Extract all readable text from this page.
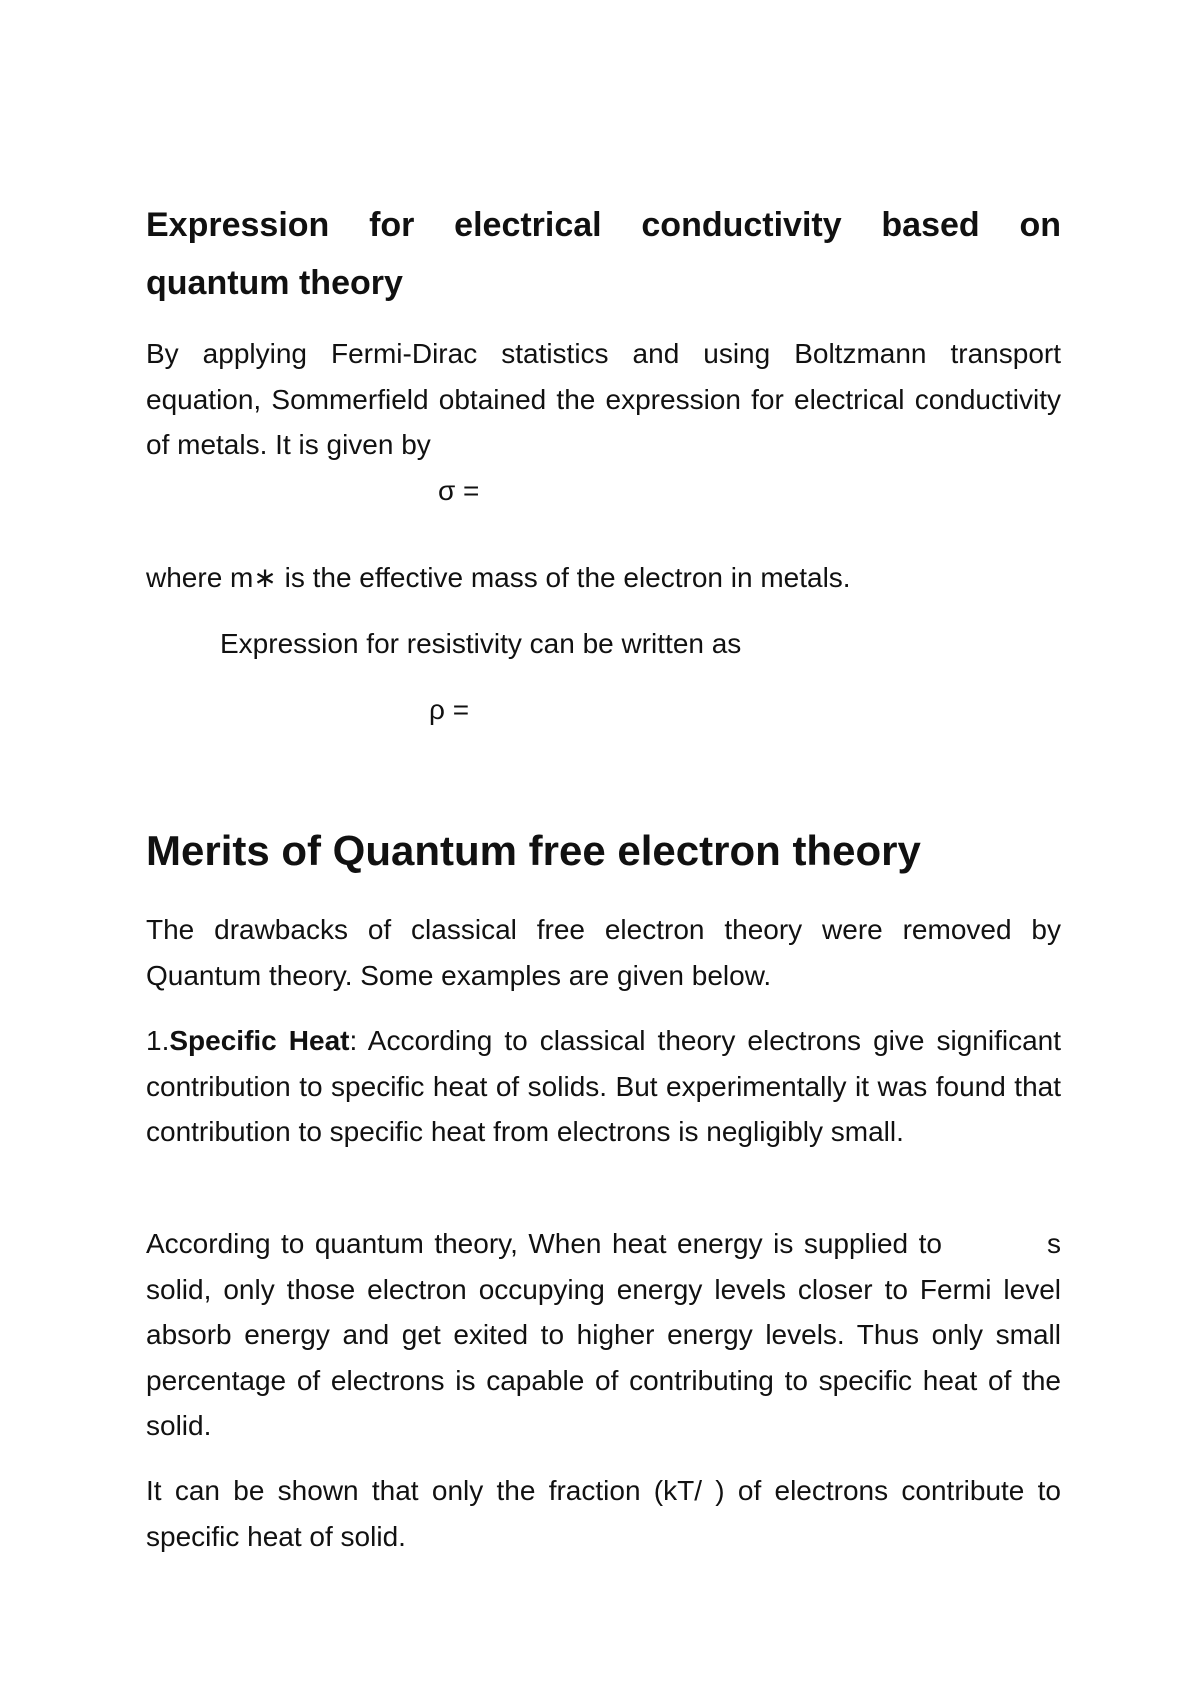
Expression for electrical conductivity based on quantum theory

By applying Fermi-Dirac statistics and using Boltzmann transport equation, Sommerfield obtained the expression for electrical conductivity of metals. It is given by

σ =

where m∗ is the effective mass of the electron in metals.

Expression for resistivity can be written as

ρ =

Merits of Quantum free electron theory

The drawbacks of classical free electron theory were removed by Quantum theory. Some examples are given below.

1.Specific Heat: According to classical theory electrons give significant contribution to specific heat of solids. But experimentally it was found that contribution to specific heat from electrons is negligibly small.

According to quantum theory, When heat energy is supplied to          s solid, only those electron occupying energy levels closer to Fermi level absorb energy and get exited to higher energy levels. Thus only small percentage of electrons is capable of contributing to specific heat of the solid.

It can be shown that only the fraction (kT/ ) of electrons contribute to specific heat of solid.
